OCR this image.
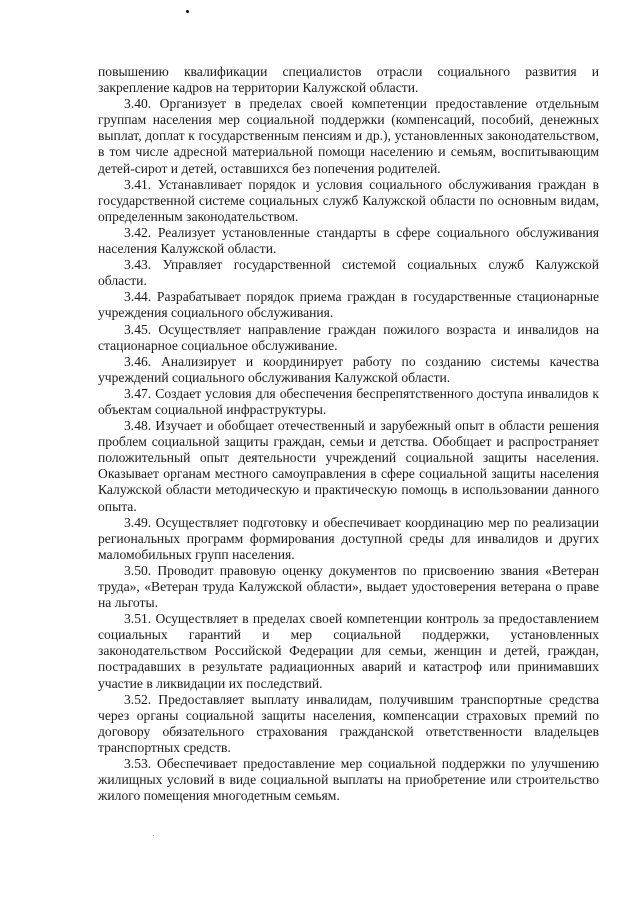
повышению квалификации специалистов отрасли социального развития и закрепление кадров на территории Калужской области.

3.40. Организует в пределах своей компетенции предоставление отдельным группам населения мер социальной поддержки (компенсаций, пособий, денежных выплат, доплат к государственным пенсиям и др.), установленных законодательством, в том числе адресной материальной помощи населению и семьям, воспитывающим детей-сирот и детей, оставшихся без попечения родителей.

3.41. Устанавливает порядок и условия социального обслуживания граждан в государственной системе социальных служб Калужской области по основным видам, определенным законодательством.

3.42. Реализует установленные стандарты в сфере социального обслуживания населения Калужской области.

3.43. Управляет государственной системой социальных служб Калужской области.

3.44. Разрабатывает порядок приема граждан в государственные стационарные учреждения социального обслуживания.

3.45. Осуществляет направление граждан пожилого возраста и инвалидов на стационарное социальное обслуживание.

3.46. Анализирует и координирует работу по созданию системы качества учреждений социального обслуживания Калужской области.

3.47. Создает условия для обеспечения беспрепятственного доступа инвалидов к объектам социальной инфраструктуры.

3.48. Изучает и обобщает отечественный и зарубежный опыт в области решения проблем социальной защиты граждан, семьи и детства. Обобщает и распространяет положительный опыт деятельности учреждений социальной защиты населения. Оказывает органам местного самоуправления в сфере социальной защиты населения Калужской области методическую и практическую помощь в использовании данного опыта.

3.49. Осуществляет подготовку и обеспечивает координацию мер по реализации региональных программ формирования доступной среды для инвалидов и других маломобильных групп населения.

3.50. Проводит правовую оценку документов по присвоению звания «Ветеран труда», «Ветеран труда Калужской области», выдает удостоверения ветерана о праве на льготы.

3.51. Осуществляет в пределах своей компетенции контроль за предоставлением социальных гарантий и мер социальной поддержки, установленных законодательством Российской Федерации для семьи, женщин и детей, граждан, пострадавших в результате радиационных аварий и катастроф или принимавших участие в ликвидации их последствий.

3.52. Предоставляет выплату инвалидам, получившим транспортные средства через органы социальной защиты населения, компенсации страховых премий по договору обязательного страхования гражданской ответственности владельцев транспортных средств.

3.53. Обеспечивает предоставление мер социальной поддержки по улучшению жилищных условий в виде социальной выплаты на приобретение или строительство жилого помещения многодетным семьям.
